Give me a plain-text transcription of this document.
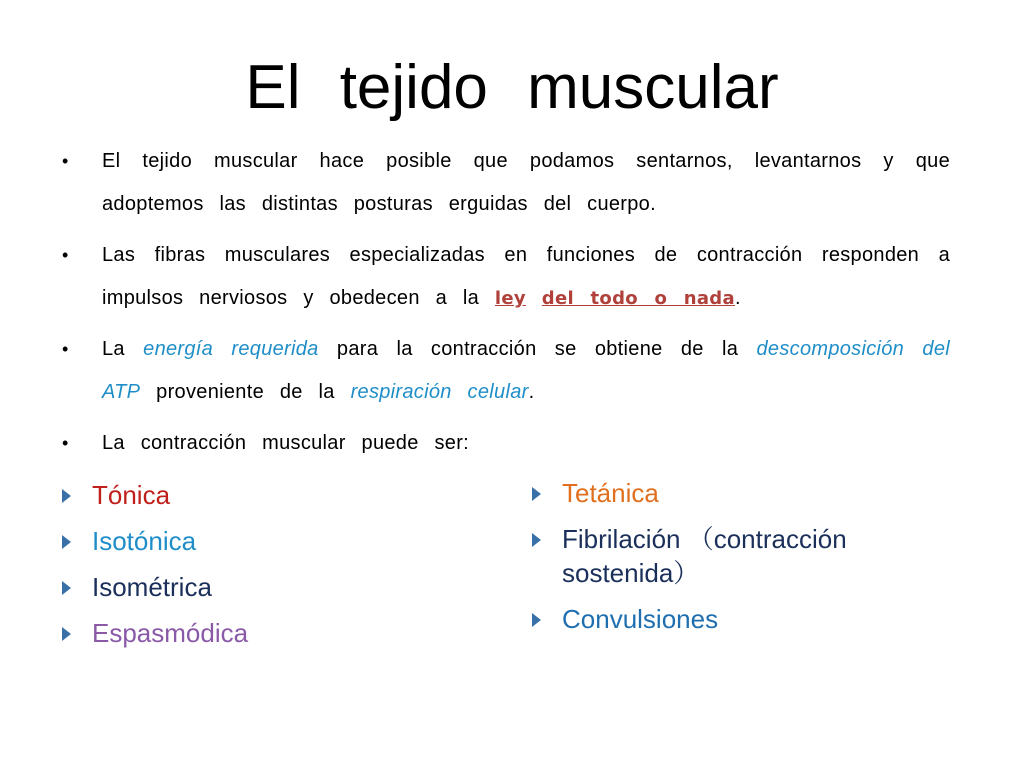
El tejido muscular
• El tejido muscular hace posible que podamos sentarnos, levantarnos y que adoptemos las distintas posturas erguidas del cuerpo.
• Las fibras musculares especializadas en funciones de contracción responden a impulsos nerviosos y obedecen a la ley del todo o nada.
• La energía requerida para la contracción se obtiene de la descomposición del ATP proveniente de la respiración celular.
• La contracción muscular puede ser:
Tónica
Isotónica
Isométrica
Espasmódica
Tetánica
Fibrilación （contracción sostenida）
Convulsiones
